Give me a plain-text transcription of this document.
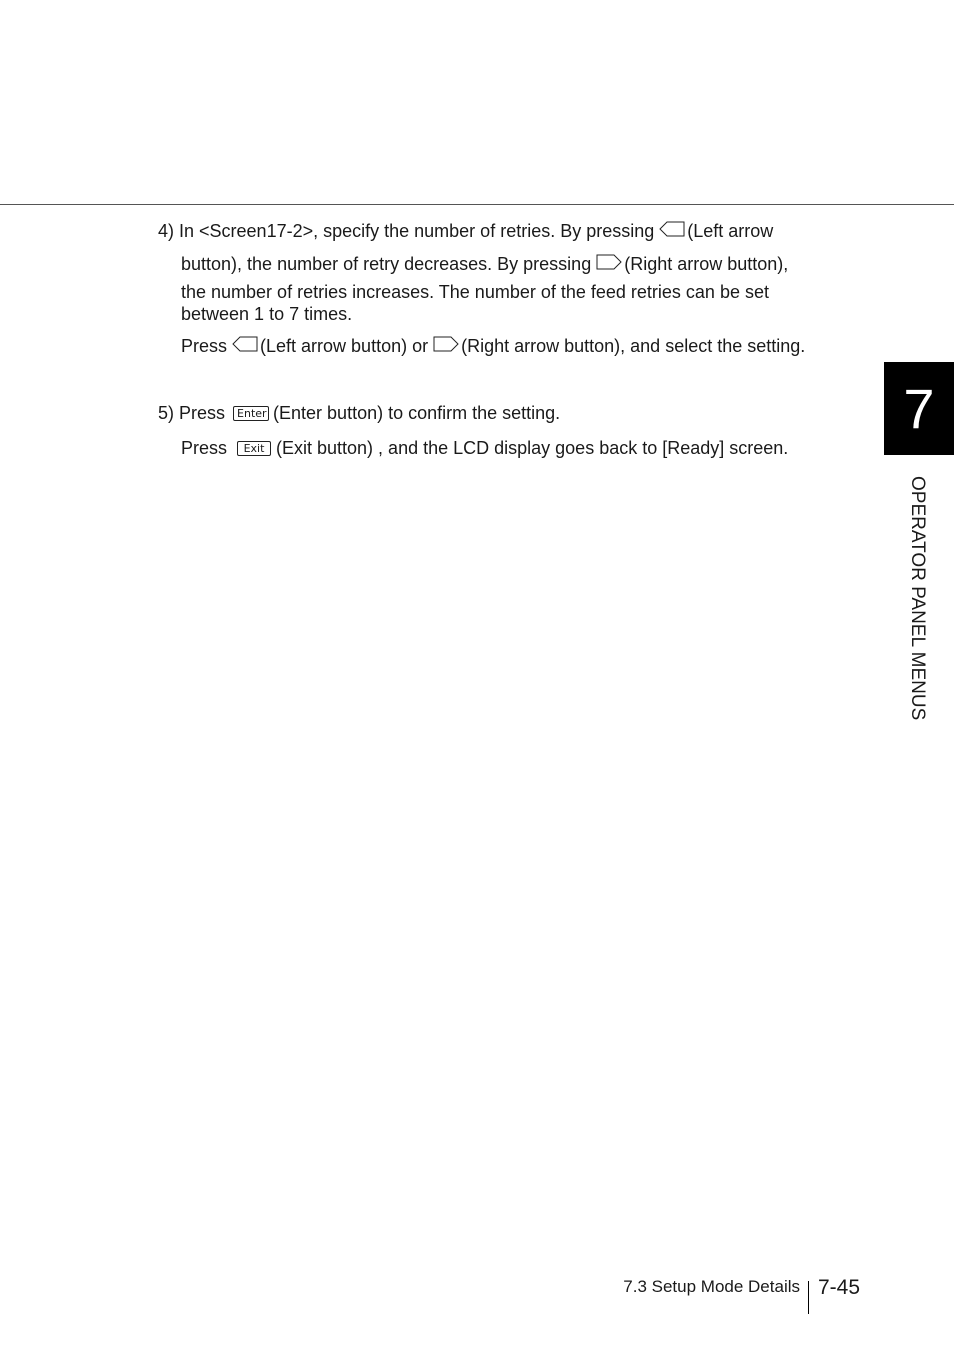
4) In <Screen17-2>, specify the number of retries. By pressing (Left arrow
button), the number of retry decreases. By pressing (Right arrow button),
the number of retries increases. The number of the feed retries can be set
between 1 to 7 times.
Press (Left arrow button) or (Right arrow button), and select the setting.
5) Press Enter (Enter button) to confirm the setting.
Press Exit (Exit button) , and the LCD display goes back to [Ready] screen.
7
OPERATOR PANEL MENUS
7.3 Setup Mode Details 7-45
